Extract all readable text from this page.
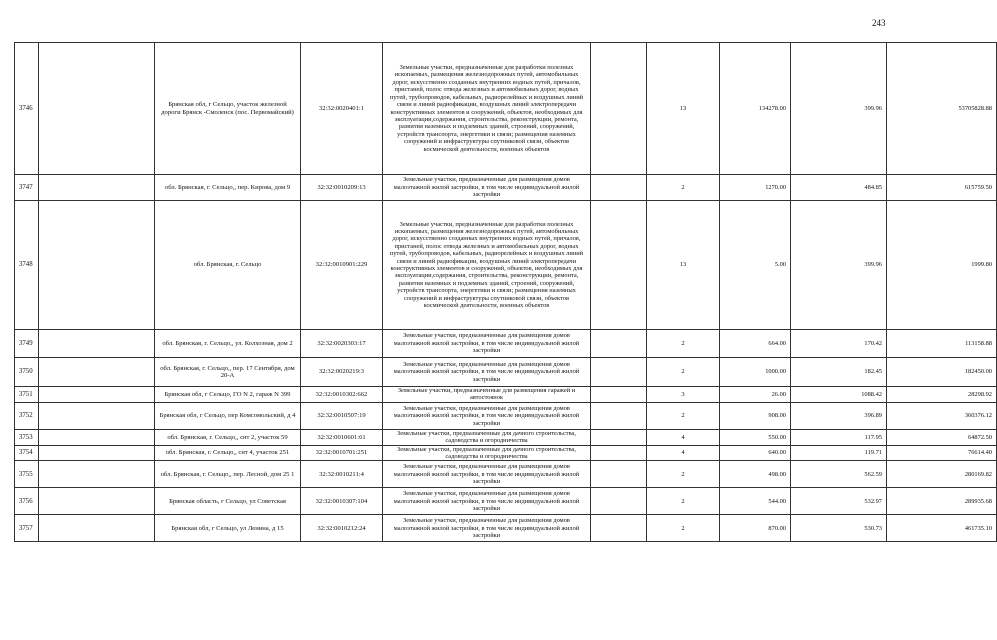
243
3746		Брянская обл, г Сельцо, участок железной дороги Брянск -Смоленск (пос. Первомайский)	32:32:0020401:1	Земельные участки, предназначенные для разработки полезных ископаемых, размещения железнодорожных путей, автомобильных дорог, искусственно созданных внутренних водных путей, причалов, пристаней, полос отвода железных и автомобильных дорог, водных путей, трубопроводов, кабельных, радиорелейных и воздушных линий связи и линий радиофикации, воздушных линий электропередачи конструктивных элементов и сооружений, объектов, необходимых для эксплуатации,содержания, строительства, реконструкции, ремонта, развития наземных и подземных зданий, строений, сооружений, устройств транспорта, энергетики и связи; размещения наземных сооружений и инфраструктуры спутниковой связи, объектов космической деятельности, военных объектов		13	134278.00	399.96	53705828.88
3747		обл. Брянская, г. Сельцо,, пер. Кирова, дом 9	32:32:0010209:13	Земельные участки, предназначенные для размещения домов малоэтажной жилой застройки, в том числе индивидуальной жилой застройки		2	1270.00	484.85	615759.50
3748		обл. Брянская, г. Сельцо	32:32:0010901:229	Земельные участки, предназначенные для разработки полезных ископаемых, размещения железнодорожных путей, автомобильных дорог, искусственно созданных внутренних водных путей, причалов, пристаней, полос отвода железных и автомобильных дорог, водных путей, трубопроводов, кабельных, радиорелейных и воздушных линий связи и линий радиофикации, воздушных линий электропередачи конструктивных элементов и сооружений, объектов, необходимых для эксплуатации,содержания, строительства, реконструкции, ремонта, развития наземных и подземных зданий, строений, сооружений, устройств транспорта, энергетики и связи; размещения наземных сооружений и инфраструктуры спутниковой связи, объектов космической деятельности, военных объектов		13	5.00	399.96	1999.80
3749		обл. Брянская, г. Сельцо,, ул. Колхозная, дом 2	32:32:0020303:17	Земельные участки, предназначенные для размещения домов малоэтажной жилой застройки, в том числе индивидуальной жилой застройки		2	664.00	170.42	113158.88
3750		обл. Брянская, г. Сельцо,, пер. 17 Сентября, дом 20-А	32:32:0020219:3	Земельные участки, предназначенные для размещения домов малоэтажной жилой застройки, в том числе индивидуальной жилой застройки		2	1000.00	182.45	182450.00
3751		Брянская обл, г Сельцо, ГО N 2, гараж N 399	32:32:0010302:662	Земельные участки, предназначенные для размещения гаражей и автостоянок		3	26.00	1088.42	28298.92
3752		Брянская обл, г Сельцо, пер Комсомольский, д 4	32:32:0010507:19	Земельные участки, предназначенные для размещения домов малоэтажной жилой застройки, в том числе индивидуальной жилой застройки		2	908.00	396.89	360376.12
3753		обл. Брянская, г. Сельцо,, снт 2, участок 59	32:32:0010601:61	Земельные участки, предназначенные для дачного строительства, садоводства и огородничества		4	550.00	117.95	64872.50
3754		обл. Брянская, г. Сельцо,, снт 4, участок 251	32:32:0010701:251	Земельные участки, предназначенные для дачного строительства, садоводства и огородничества		4	640.00	119.71	76614.40
3755		обл. Брянская, г. Сельцо,, пер. Лесной, дом 25 1	32:32:0010211:4	Земельные участки, предназначенные для размещения домов малоэтажной жилой застройки, в том числе индивидуальной жилой застройки		2	498.00	562.59	280169.82
3756		Брянская область, г Сельцо, ул Советская	32:32:0010307:104	Земельные участки, предназначенные для размещения домов малоэтажной жилой застройки, в том числе индивидуальной жилой застройки		2	544.00	532.97	289935.68
3757		Брянская обл, г Сельцо, ул Ленина, д 15	32:32:0010212:24	Земельные участки, предназначенные для размещения домов малоэтажной жилой застройки, в том числе индивидуальной жилой застройки		2	870.00	530.73	461735.10
